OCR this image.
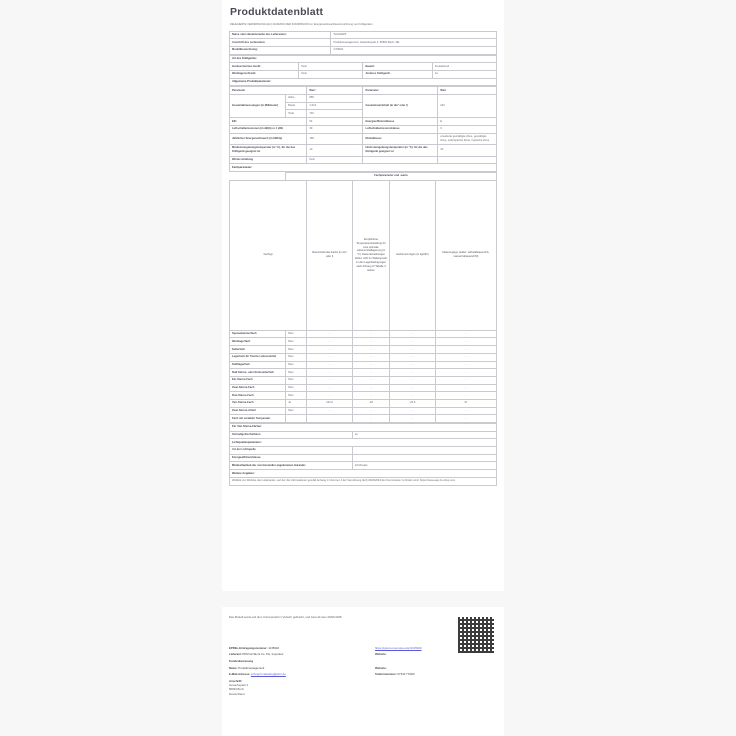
Produktdatenblatt
DELEGIERTE VERORDNUNG (EU) 2019/2016 DER KOMMISSION zur Energieverbrauchskennzeichnung von Kühlgeräten
Name oder Handelsmarke des Lieferanten:	SCHOEPF
Anschrift des Lieferanten:	Produktmanagement, Gewerbepark 4, 86690 Buch, DE
Modellbezeichnung:	GT3004
Art des Kühlgeräts:			
Geräuscharmes Gerät:	Nein	Bauart:	Freistehend
Weinlagerschrank:	Nein	Anderes Kühlgerät:	Ja
Allgemeine Produktparameter:			
Parameter		Wert	Parameter	Wert
Gesamtabmessungen (in Millimeter)	Höhe	865	Gesamtrauminhalt (in dm³ oder l)	242
	Breite	1 013		
	Tiefe	740		
EEI		64	Energieeffizienzklasse	E
Luftschallemissionen (in dB(A) re 1 pW)		39	Luftschallemissionsklasse	C
Jährlicher Energieverbrauch (in kWh/a)		166	Klimaklasse:	erweiterte gemäßigte Zone, gemäßigte Zone, subtropische Zone, tropische Zone
Mindestumgebungstemperatur (in °C), für die das Kühlgerät geeignet ist		10	Höchstumgebungstemperatur (in °C), für die das Kühlgerät geeignet ist	43
Winterschaltung		Nein		
Fachparameter:				
	Fachparameter und -werte				
Fachtyp		Rauminhalt des Fachs (in dm³ oder l)	Empfohlene Temperatureinstellung für eine optimale Lebensmittellagerung (in °C). Diese Einstellungen dürfen nicht im Widerspruch zu den Lagerbedingungen nach Anhang IV Tabelle 3 stehen	Gefriervermögen (in kg/24h)	Abtauungstyp (außer: selbstabtauend=A, manuell abtauend=M)
Speisekammerfach	Nein	-	-	-	-
Weinlagerfach	Nein	-	-	-	-
Kellerfach	Nein	-	-	-	-
Lagerfach für frische Lebensmittel	Nein	-	-	-	-
Kühllagerfach	Nein	-	-	-	-
Null-Sterne- oder Eisbereiterfach	Nein	-	-	-	-
Ein-Sterne-Fach	Nein	-	-	-	-
Zwei-Sterne-Fach	Nein	-	-	-	-
Drei-Sterne-Fach	Nein	-	-	-	-
Vier-Sterne-Fach	Ja	242,0	-18	-23,5	M
Zwei-Sterne-Abteil	Nein	-	-	-	-
Fach mit variabler Temperatur			-	-	-
Für Vier-Sterne-Fächer:	
Schnellgefrierfunktion	Ja
Lichtquellenparameter:	
Art der Lichtquelle	
Energieeffizienzklasse	
Mindestlaufzeit der vom Hersteller angebotenen Garantie:	24 Monate
Weitere Angaben:	
Weblink zur Website des Lieferanten, auf der die Informationen gemäß Anhang C Nummer 4 der Verordnung (EU) 2020/2019 der Kommission zu finden sind: https://www.aeg-hc-shop.com	
Das Modell wurde auf dem Unionsmarkt in Verkehr gebracht, und zwar ab dem 26/01/2025.
EPREL-Eintragungsnummer: 1135940	https://eprel.ec.europa.eu/qr/1135940
Lieferant: PKM GmbH & Co. KG, Importeur	Website:
Kundenbetreuung
Name: Produktmanagement	Website:
E-Mail-Adresse: schoepf.marketing@pkm.de	Telefonnummer: 07343 7700/0
Anschrift:
Gewerbepark 4
86690 Buch
Deutschland
